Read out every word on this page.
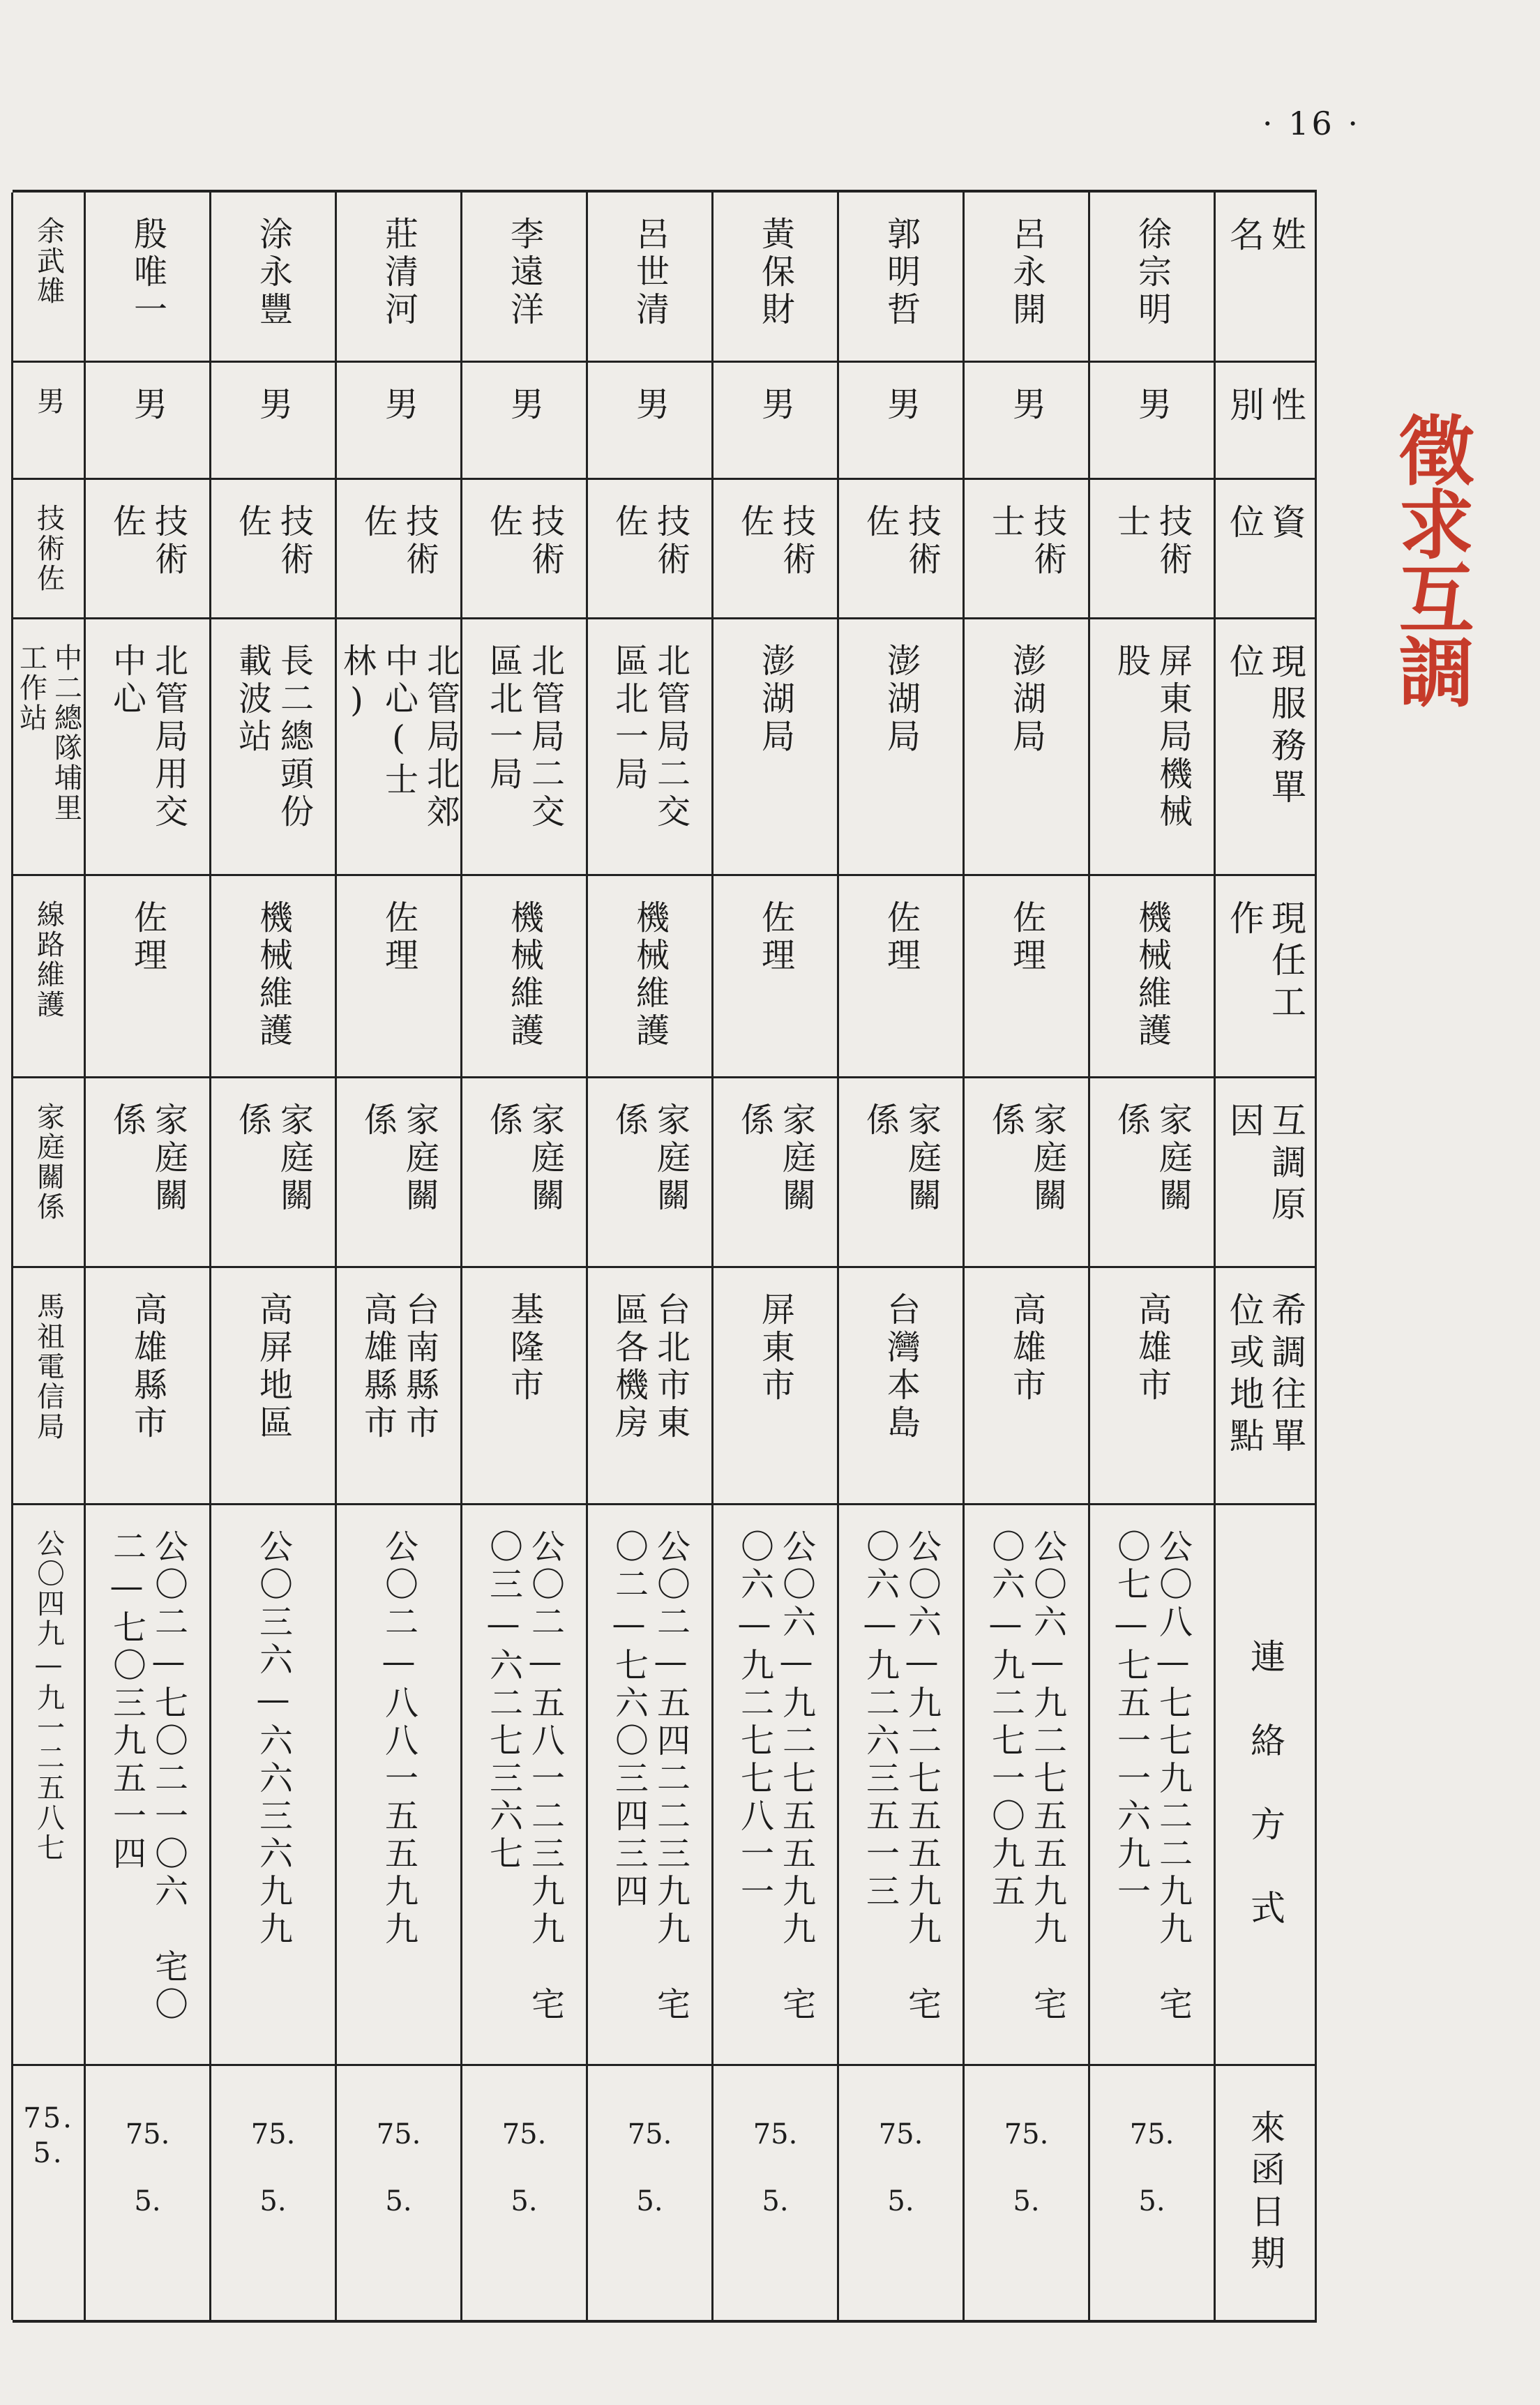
· 16 ·
徵求互調
姓　名
性別
資　位
現服務單位
現任工作
互調原因
希調往單位或地點
連　絡　方　式
來函日期
徐宗明
男
技術士
屏東局機械股
機械維護
家庭關係
高雄市
公〇八—七七九二二九九　宅〇七—七五一一六九一
75.
5.
呂永開
男
技術士
澎湖局
佐理
家庭關係
高雄市
公〇六—九二七五五九九　宅〇六—九二七一〇九五
75.
5.
郭明哲
男
技術佐
澎湖局
佐理
家庭關係
台灣本島
公〇六—九二七五五九九　宅〇六—九二六三五一三
75.
5.
黃保財
男
技術佐
澎湖局
佐理
家庭關係
屏東市
公〇六—九二七五五九九　宅〇六—九二七七八一一
75.
5.
呂世清
男
技術佐
北管局二交區北一局
機械維護
家庭關係
台北市東區各機房
公〇二—五四二二三九九　宅〇二—七六〇三四三四
75.
5.
李遠洋
男
技術佐
北管局二交區北一局
機械維護
家庭關係
基隆市
公〇二—五八一二三九九　宅〇三—六二七三六七
75.
5.
莊清河
男
技術佐
北管局北郊中心(士林)
佐理
家庭關係
台南縣市高雄縣市
公〇二—八八一五五九九
75.
5.
涂永豐
男
技術佐
長二總頭份載波站
機械維護
家庭關係
高屏地區
公〇三六—六六三六九九
75.
5.
殷唯一
男
技術佐
北管局用交中心
佐理
家庭關係
高雄縣市
公〇二—七〇二一〇六　宅〇二—七〇三九五一四
75.
5.
余武雄
男
技術佐
中二總隊埔里工作站
線路維護
家庭關係
馬祖電信局
公〇四九—九一二五八七
75.
5.
